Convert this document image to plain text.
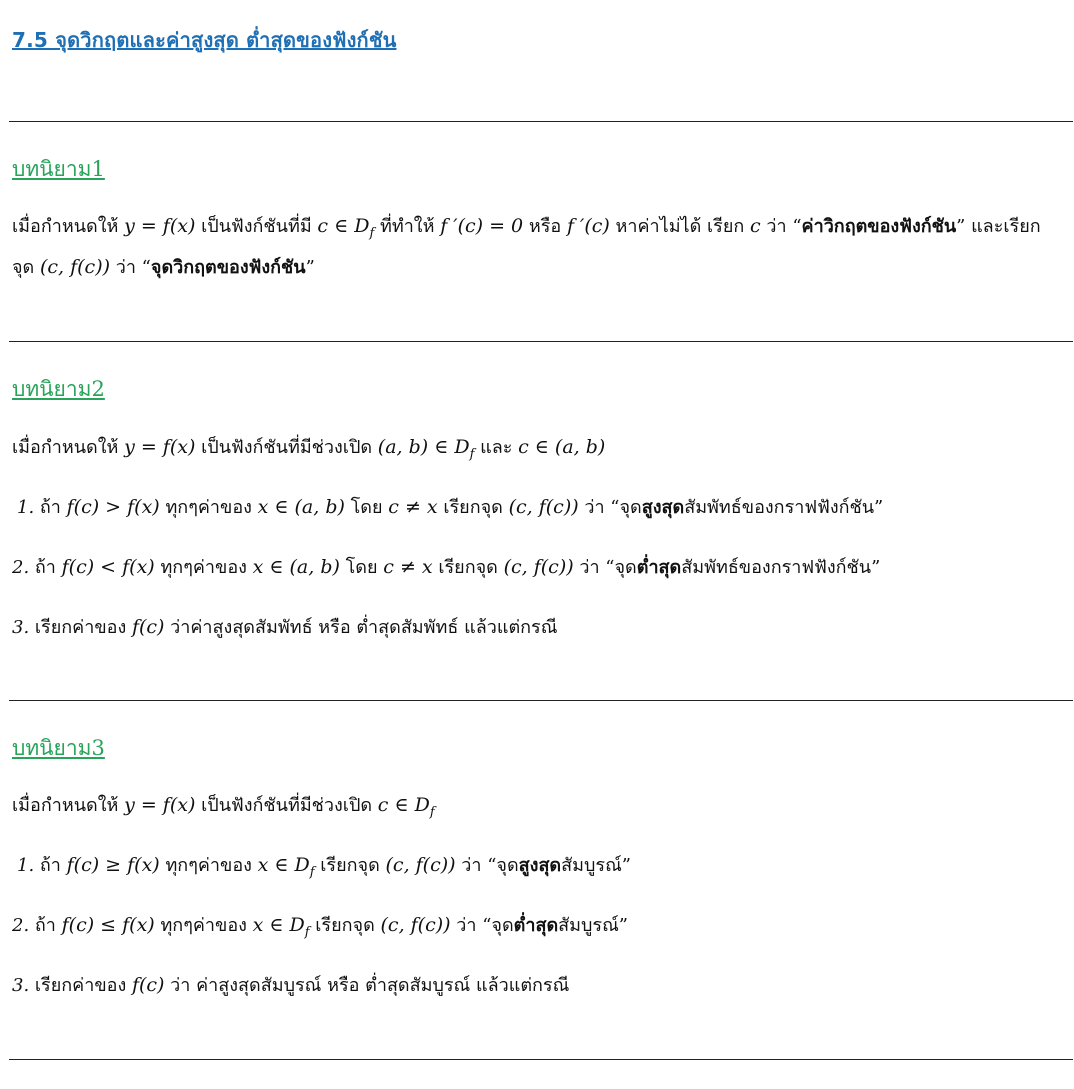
7.5 จุดวิกฤตและค่าสูงสุด ต่ำสุดของฟังก์ชัน
บทนิยาม1
เมื่อกำหนดให้ y = f(x) เป็นฟังก์ชันที่มี c ∈ $D_f$ ที่ทำให้ f ′(c) = 0 หรือ f ′(c) หาค่าไม่ได้ เรียก c ว่า “ค่าวิกฤตของฟังก์ชัน” และเรียก
จุด (c, f(c)) ว่า “จุดวิกฤตของฟังก์ชัน”
บทนิยาม2
เมื่อกำหนดให้ y = f(x) เป็นฟังก์ชันที่มีช่วงเปิด (a, b) ∈ $D_f$ และ c ∈ (a, b)
1. ถ้า f(c) > f(x) ทุกๆค่าของ x ∈ (a, b) โดย c ≠ x เรียกจุด (c, f(c)) ว่า “จุดสูงสุดสัมพัทธ์ของกราฟฟังก์ชัน”
2. ถ้า f(c) < f(x) ทุกๆค่าของ x ∈ (a, b) โดย c ≠ x เรียกจุด (c, f(c)) ว่า “จุดต่ำสุดสัมพัทธ์ของกราฟฟังก์ชัน”
3. เรียกค่าของ f(c) ว่าค่าสูงสุดสัมพัทธ์ หรือ ต่ำสุดสัมพัทธ์ แล้วแต่กรณี
บทนิยาม3
เมื่อกำหนดให้ y = f(x) เป็นฟังก์ชันที่มีช่วงเปิด c ∈ $D_f$
1. ถ้า f(c) ≥ f(x) ทุกๆค่าของ x ∈ $D_f$ เรียกจุด (c, f(c)) ว่า “จุดสูงสุดสัมบูรณ์”
2. ถ้า f(c) ≤ f(x) ทุกๆค่าของ x ∈ $D_f$ เรียกจุด (c, f(c)) ว่า “จุดต่ำสุดสัมบูรณ์”
3. เรียกค่าของ f(c) ว่า ค่าสูงสุดสัมบูรณ์ หรือ ต่ำสุดสัมบูรณ์ แล้วแต่กรณี
